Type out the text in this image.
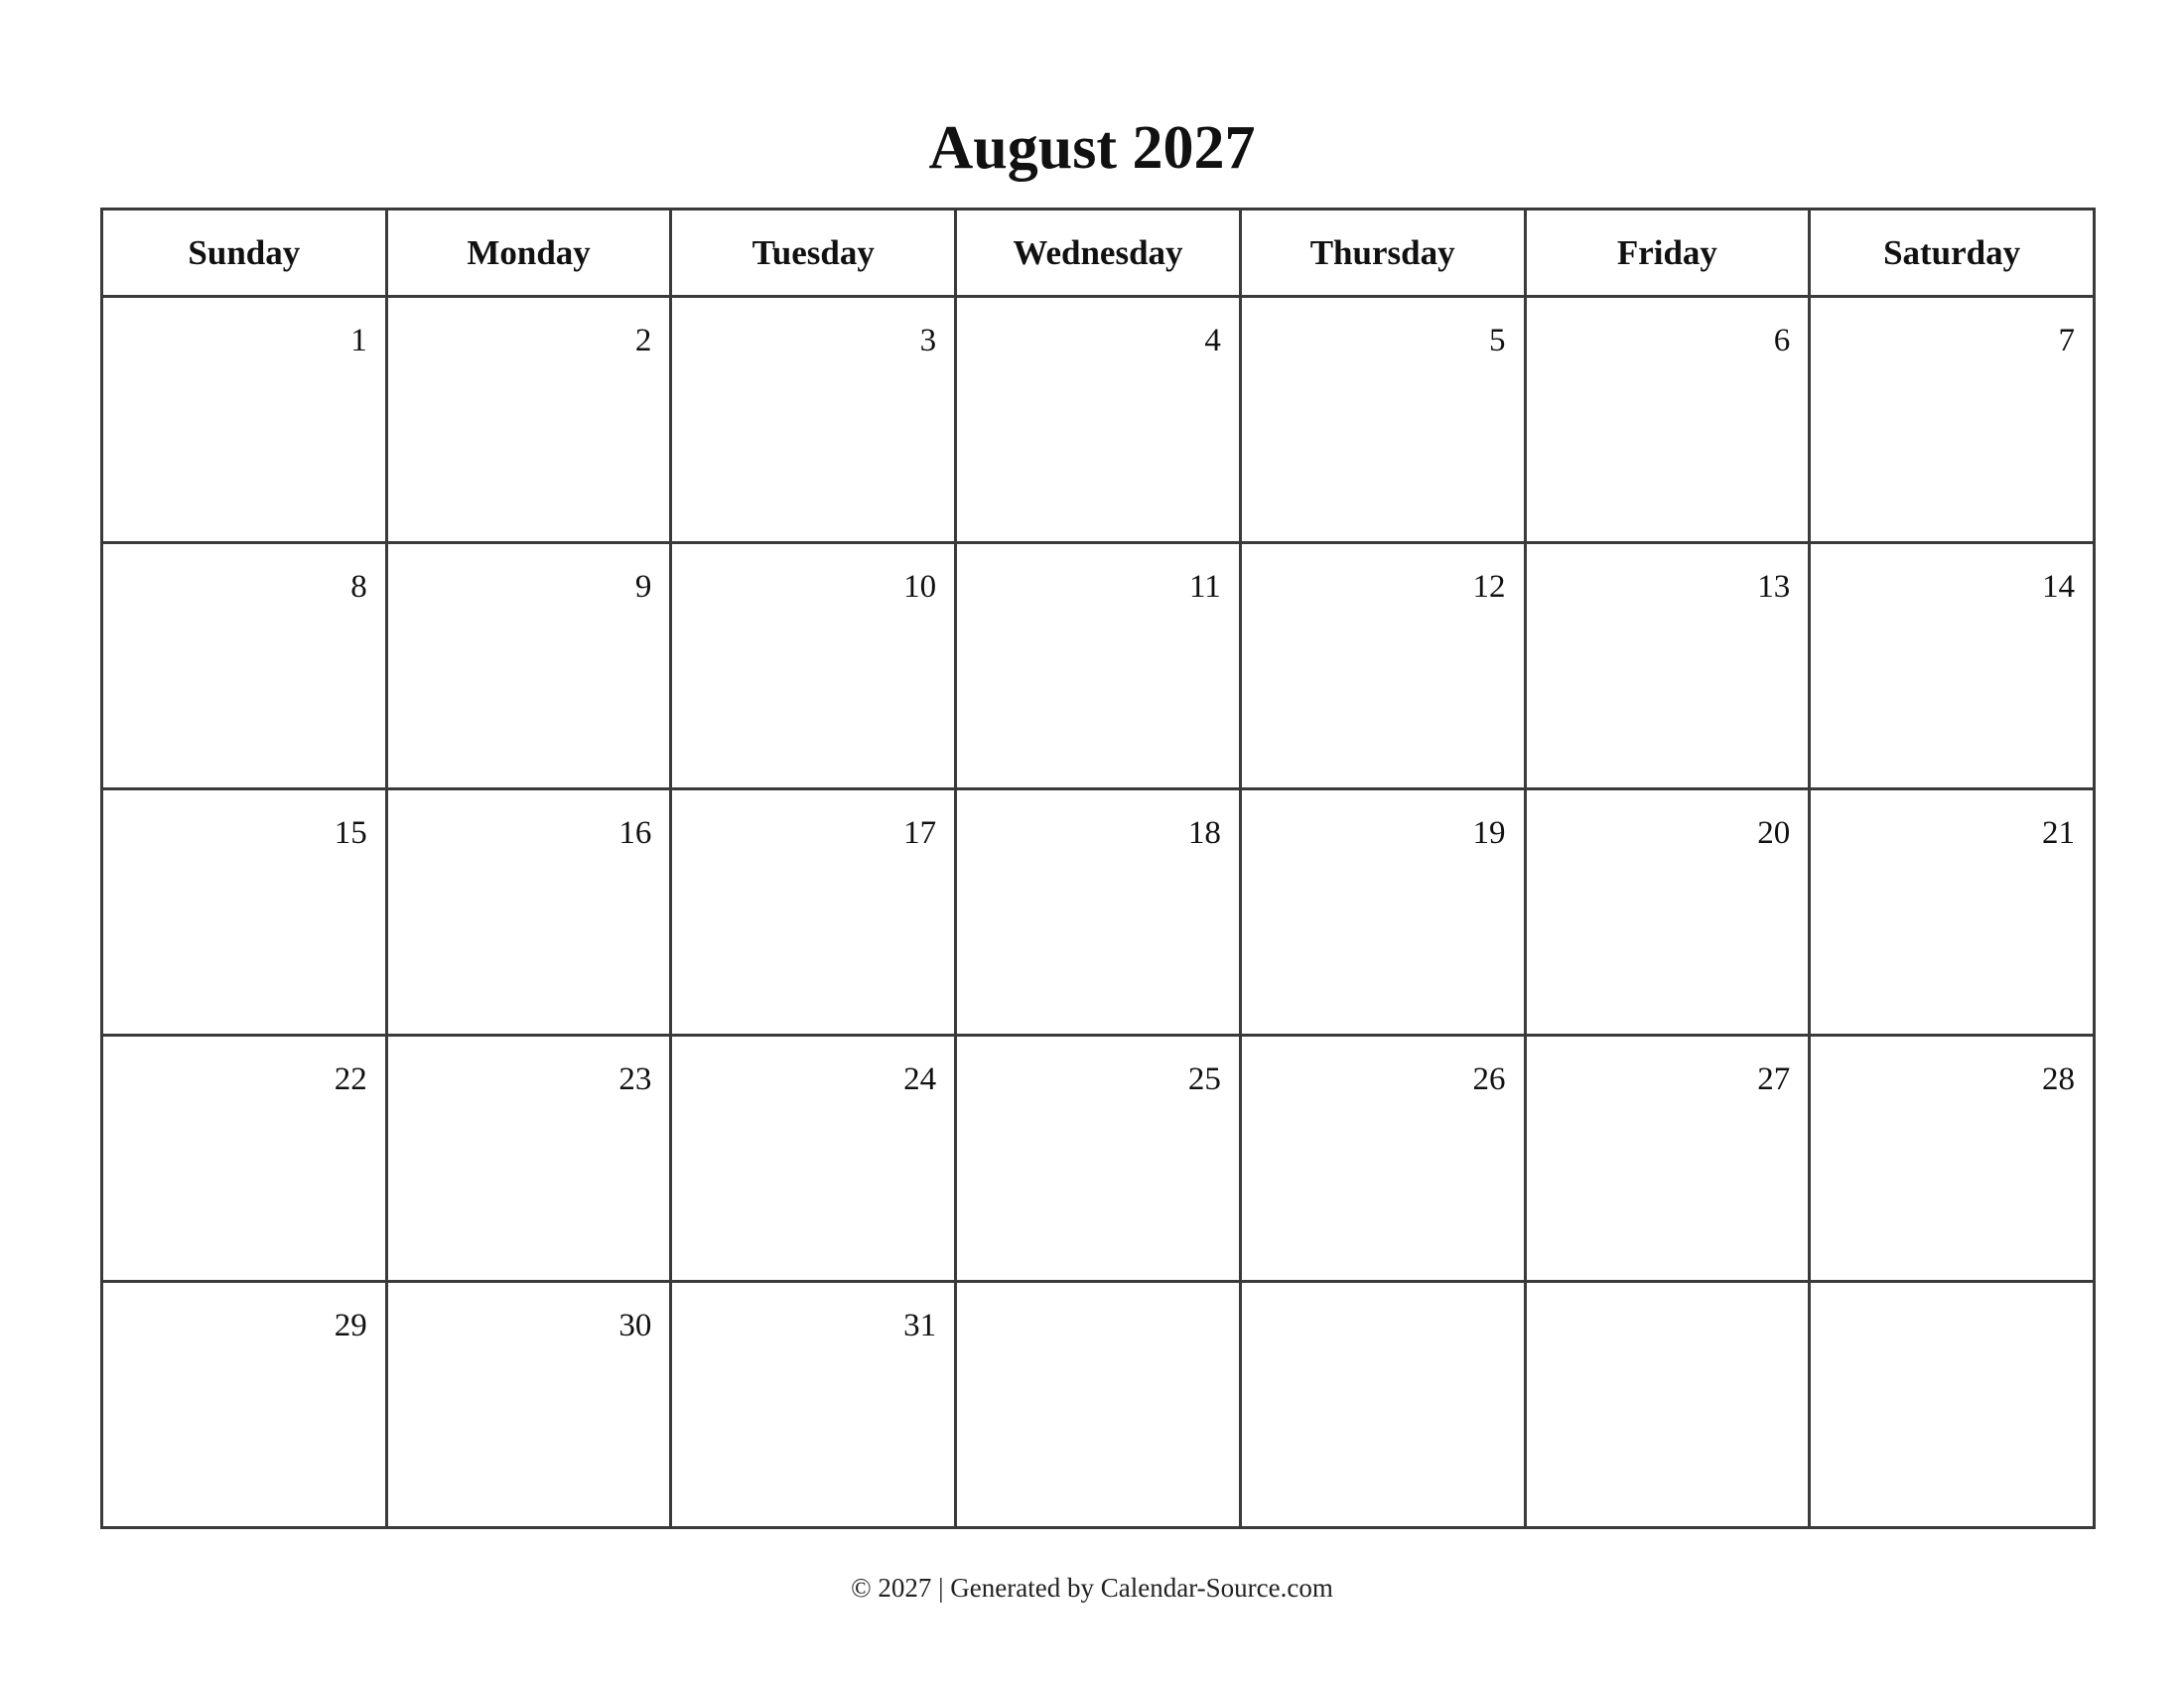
August 2027
Sunday	Monday	Tuesday	Wednesday	Thursday	Friday	Saturday

1	2	3	4	5	6	7

8	9	10	11	12	13	14

15	16	17	18	19	20	21

22	23	24	25	26	27	28

29	30	31				

© 2027 | Generated by Calendar-Source.com
